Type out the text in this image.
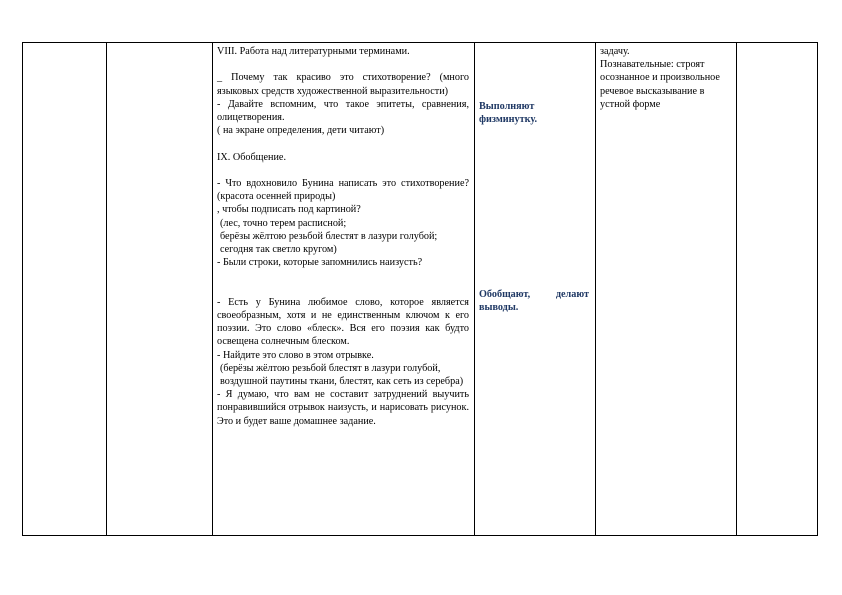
VIII. Работа над литературными терминами.

_ Почему так красиво это стихотворение? (много языковых средств художественной выразительности)

- Давайте вспомним, что такое эпитеты, сравнения, олицетворения.

( на экране определения, дети читают)

IX. Обобщение.

- Что вдохновило Бунина написать это стихотворение? (красота осенней природы)

, чтобы подписать под картиной?

(лес, точно терем расписной;

берёзы жёлтою резьбой блестят в лазури голубой;

сегодня так светло кругом)

- Были строки, которые запомнились наизусть?

- Есть у Бунина любимое слово, которое является своеобразным, хотя и не единственным ключом к его поэзии. Это слово «блеск». Вся его поэзия как будто освещена солнечным блеском.

- Найдите это слово в этом отрывке.

(берёзы жёлтою резьбой блестят в лазури голубой,

воздушной паутины ткани, блестят, как сеть из серебра)

- Я думаю, что вам не составит затруднений выучить понравившийся отрывок наизусть, и нарисовать рисунок. Это и будет ваше домашнее задание.

Выполняют физминутку.

Обобщают, делают выводы.

задачу.

Познавательные: строят осознанное и произвольное речевое высказывание в устной форме
